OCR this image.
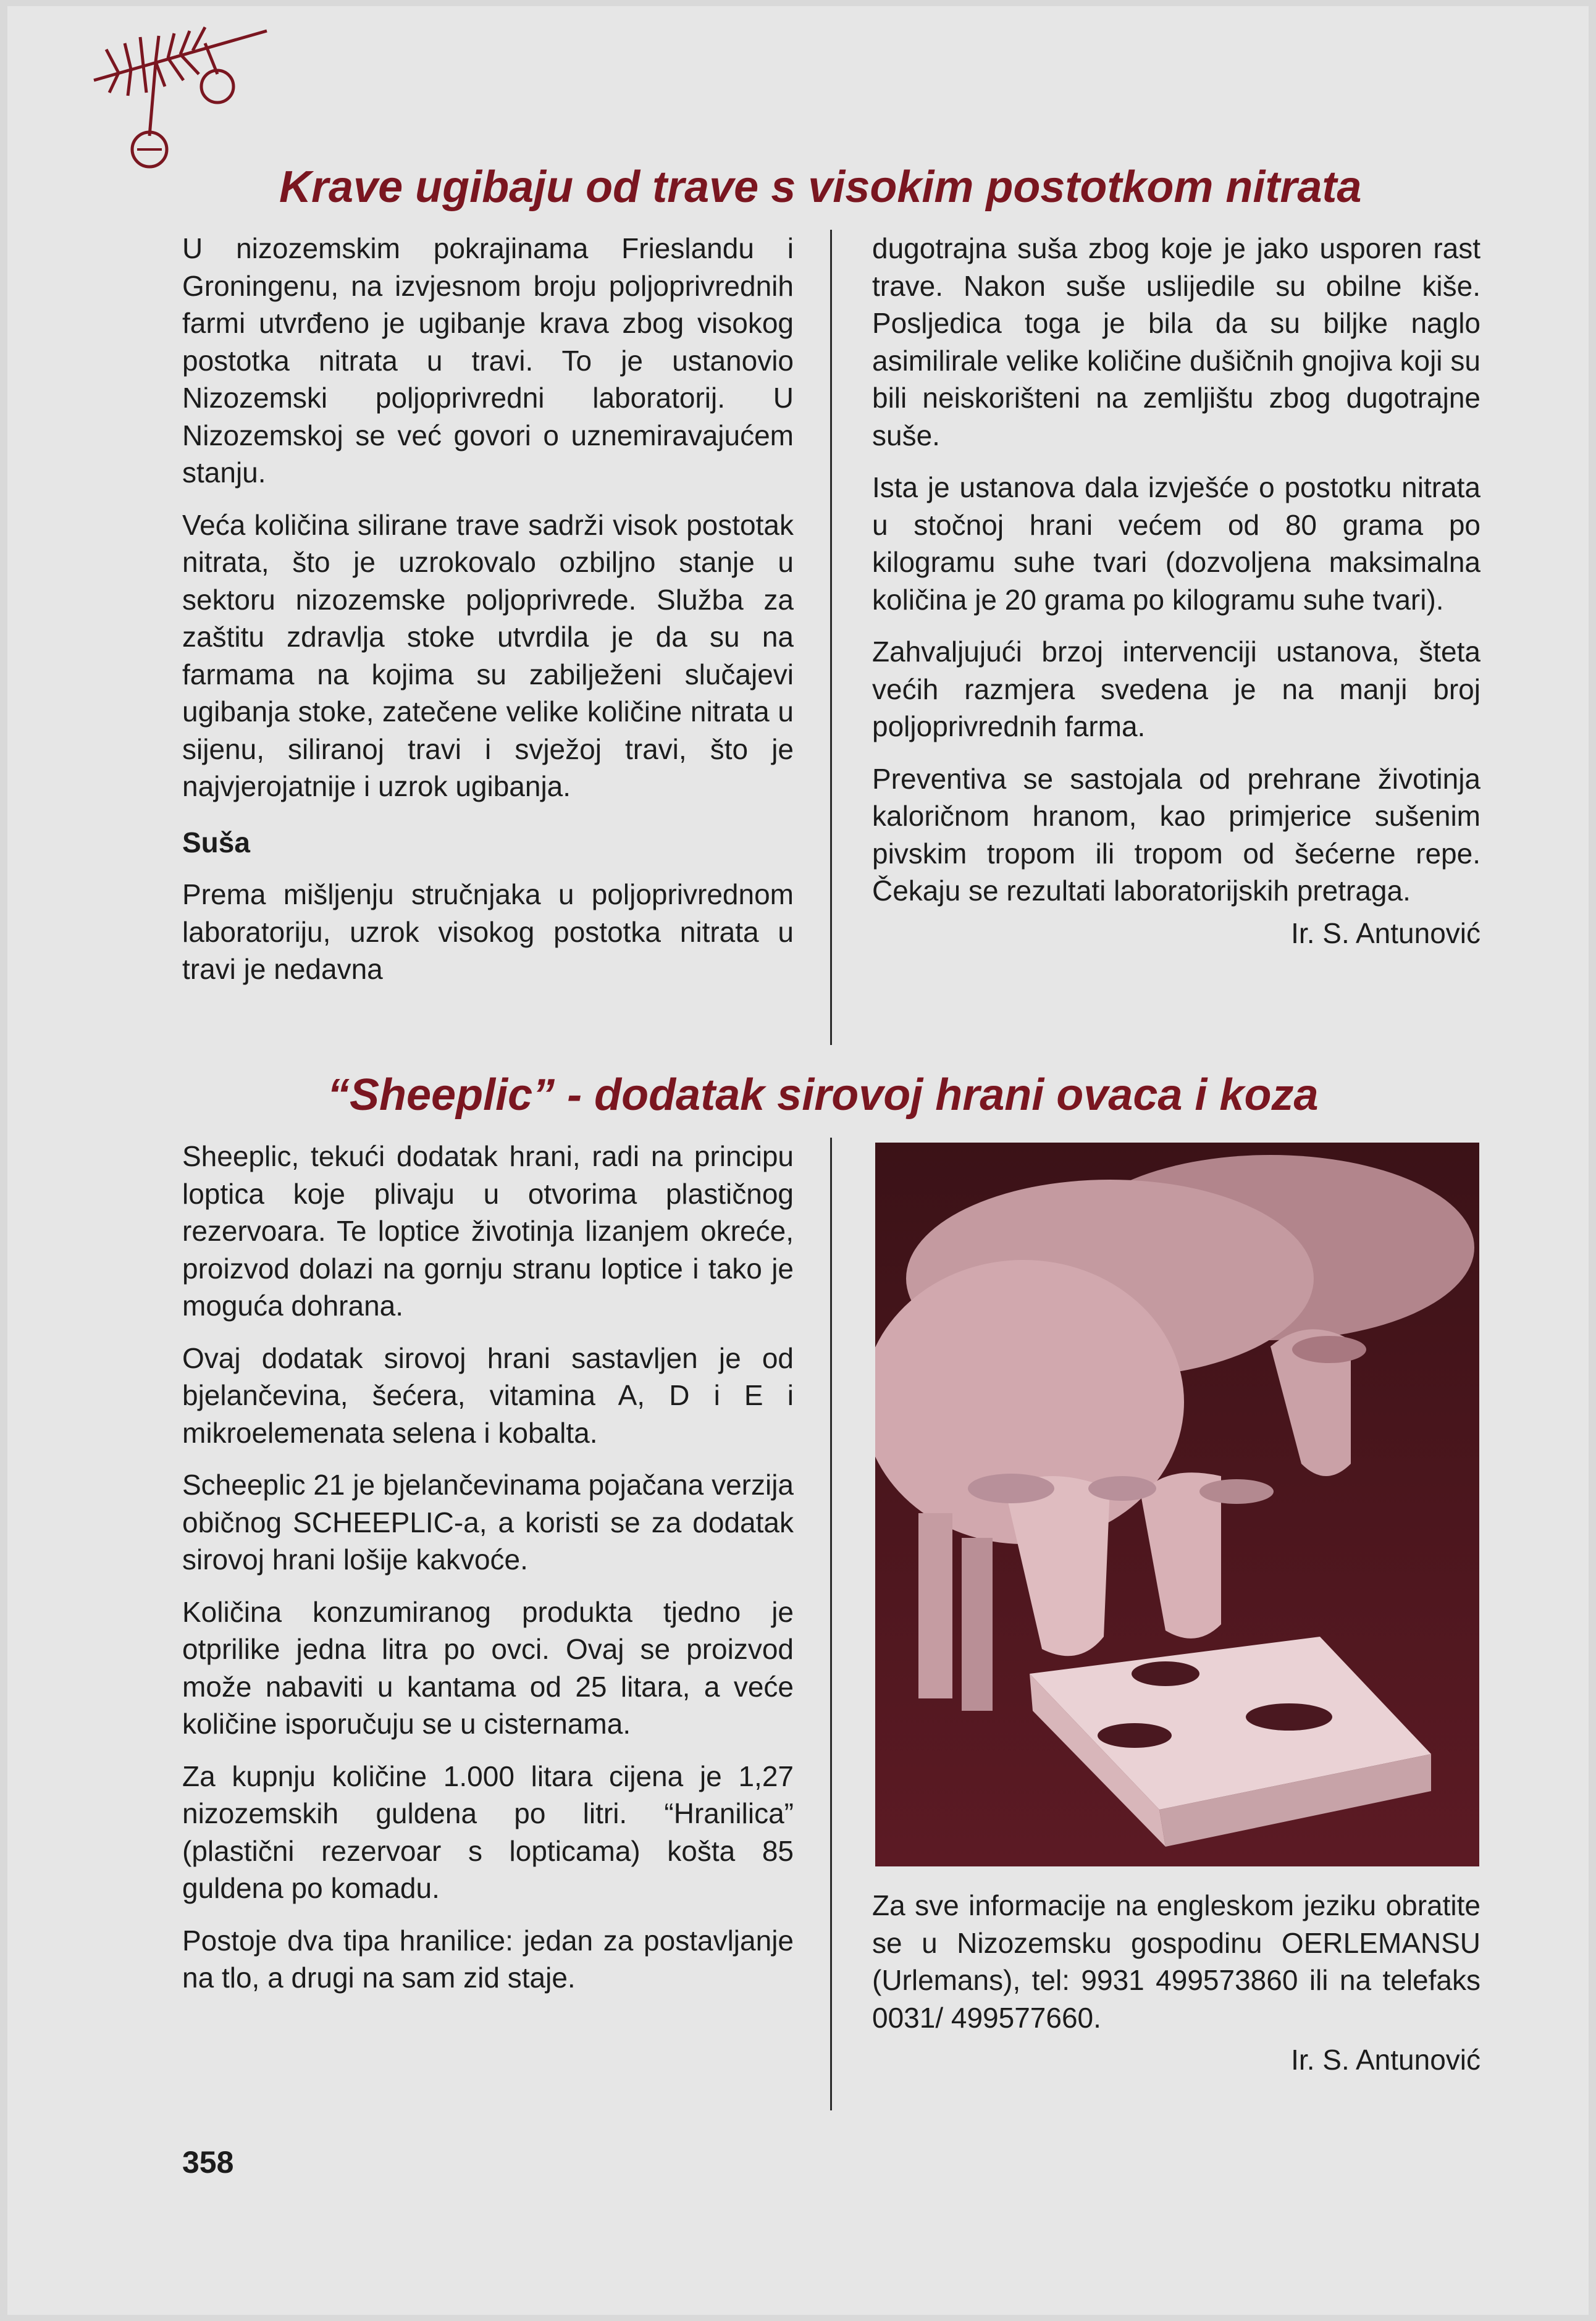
Krave ugibaju od trave s visokim postotkom nitrata

U nizozemskim pokrajinama Frieslandu i Groningenu, na izvjesnom broju poljoprivrednih farmi utvrđeno je ugibanje krava zbog visokog postotka nitrata u travi. To je ustanovio Nizozemski poljoprivredni laboratorij. U Nizozemskoj se već govori o uznemiravajućem stanju.

Veća količina silirane trave sadrži visok postotak nitrata, što je uzrokovalo ozbiljno stanje u sektoru nizozemske poljoprivrede. Služba za zaštitu zdravlja stoke utvrdila je da su na farmama na kojima su zabilježeni slučajevi ugibanja stoke, zatečene velike količine nitrata u sijenu, siliranoj travi i svježoj travi, što je najvjerojatnije i uzrok ugibanja.

Suša

Prema mišljenju stručnjaka u poljoprivrednom laboratoriju, uzrok visokog postotka nitrata u travi je nedavna

dugotrajna suša zbog koje je jako usporen rast trave. Nakon suše uslijedile su obilne kiše. Posljedica toga je bila da su biljke naglo asimilirale velike količine dušičnih gnojiva koji su bili neiskorišteni na zemljištu zbog dugotrajne suše.

Ista je ustanova dala izvješće o postotku nitrata u stočnoj hrani većem od 80 grama po kilogramu suhe tvari (dozvoljena maksimalna količina je 20 grama po kilogramu suhe tvari).

Zahvaljujući brzoj intervenciji ustanova, šteta većih razmjera svedena je na manji broj poljoprivrednih farma.

Preventiva se sastojala od prehrane životinja kaloričnom hranom, kao primjerice sušenim pivskim tropom ili tropom od šećerne repe. Čekaju se rezultati laboratorijskih pretraga.

Ir. S. Antunović

“Sheeplic” - dodatak sirovoj hrani ovaca i koza

Sheeplic, tekući dodatak hrani, radi na principu loptica koje plivaju u otvorima plastičnog rezervoara. Te loptice životinja lizanjem okreće, proizvod dolazi na gornju stranu loptice i tako je moguća dohrana.

Ovaj dodatak sirovoj hrani sastavljen je od bjelančevina, šećera, vitamina A, D i E i mikroelemenata selena i kobalta.

Scheeplic 21 je bjelančevinama pojačana verzija običnog SCHEEPLIC-a, a koristi se za dodatak sirovoj hrani lošije kakvoće.

Količina konzumiranog produkta tjedno je otprilike jedna litra po ovci. Ovaj se proizvod može nabaviti u kantama od 25 litara, a veće količine isporučuju se u cisternama.

Za kupnju količine 1.000 litara cijena je 1,27 nizozemskih guldena po litri. “Hranilica” (plastični rezervoar s lopticama) košta 85 guldena po komadu.

Postoje dva tipa hranilice: jedan za postavljanje na tlo, a drugi na sam zid staje.

Za sve informacije na engleskom jeziku obratite se u Nizozemsku gospodinu OERLEMANSU (Urlemans), tel: 9931 499573860 ili na telefaks 0031/ 499577660.

Ir. S. Antunović

358
